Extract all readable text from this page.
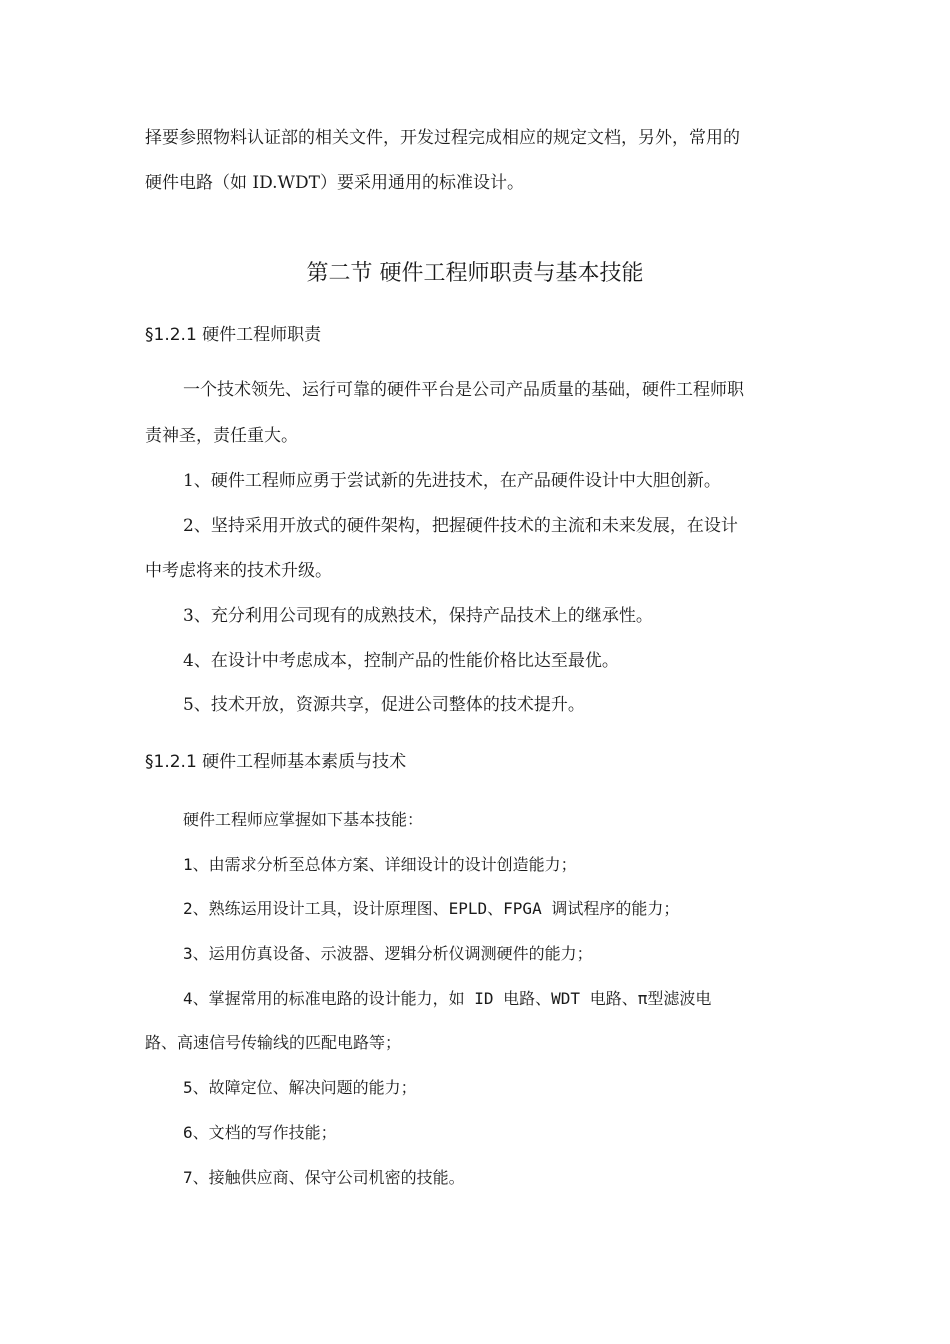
择要参照物料认证部的相关文件，开发过程完成相应的规定文档，另外，常用的
硬件电路（如 ID.WDT）要采用通用的标准设计。
第二节 硬件工程师职责与基本技能
§1.2.1 硬件工程师职责
一个技术领先、运行可靠的硬件平台是公司产品质量的基础，硬件工程师职
责神圣，责任重大。
1、硬件工程师应勇于尝试新的先进技术，在产品硬件设计中大胆创新。
2、坚持采用开放式的硬件架构，把握硬件技术的主流和未来发展，在设计
中考虑将来的技术升级。
3、充分利用公司现有的成熟技术，保持产品技术上的继承性。
4、在设计中考虑成本，控制产品的性能价格比达至最优。
5、技术开放，资源共享，促进公司整体的技术提升。
§1.2.1 硬件工程师基本素质与技术
硬件工程师应掌握如下基本技能：
1、由需求分析至总体方案、详细设计的设计创造能力；
2、熟练运用设计工具，设计原理图、EPLD、FPGA 调试程序的能力；
3、运用仿真设备、示波器、逻辑分析仪调测硬件的能力；
4、掌握常用的标准电路的设计能力，如 ID 电路、WDT 电路、π型滤波电
路、高速信号传输线的匹配电路等；
5、故障定位、解决问题的能力；
6、文档的写作技能；
7、接触供应商、保守公司机密的技能。
